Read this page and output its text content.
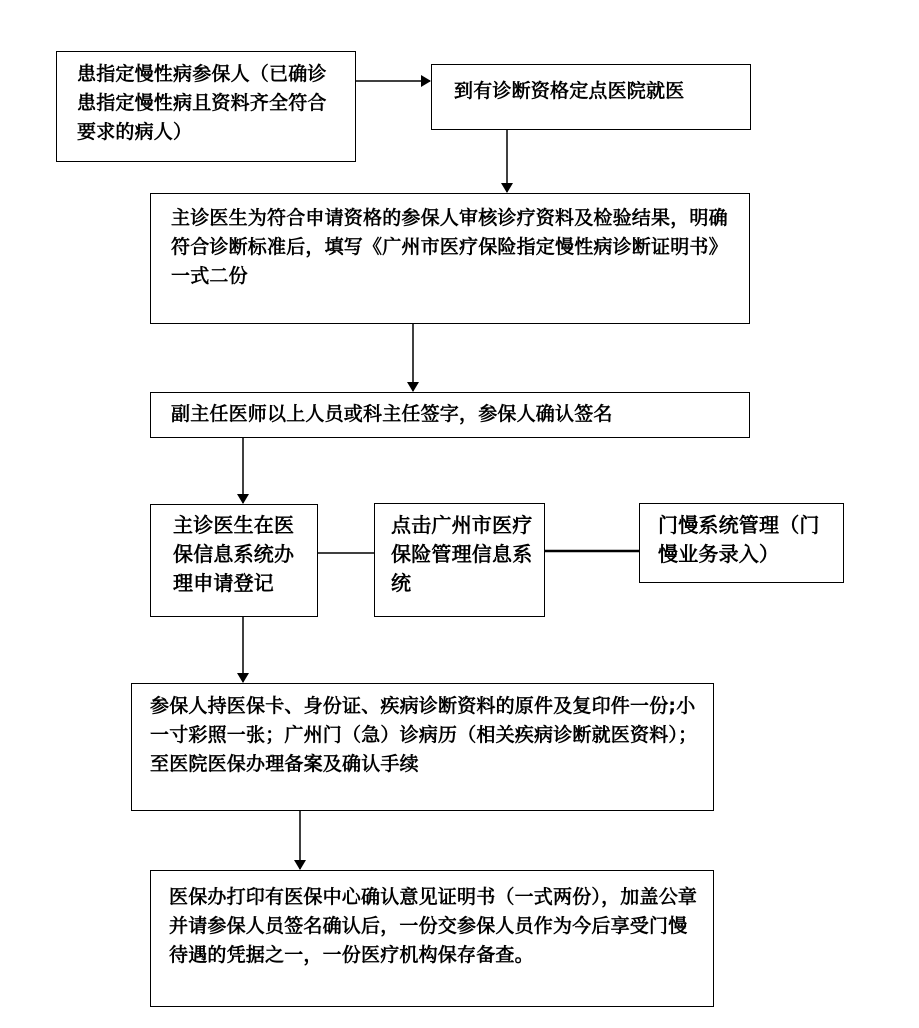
患指定慢性病参保人（已确诊患指定慢性病且资料齐全符合要求的病人）
到有诊断资格定点医院就医
主诊医生为符合申请资格的参保人审核诊疗资料及检验结果，明确符合诊断标准后，填写《广州市医疗保险指定慢性病诊断证明书》一式二份
副主任医师以上人员或科主任签字，参保人确认签名
主诊医生在医保信息系统办理申请登记
点击广州市医疗保险管理信息系统
门慢系统管理（门慢业务录入）
参保人持医保卡、身份证、疾病诊断资料的原件及复印件一份;小一寸彩照一张；广州门（急）诊病历（相关疾病诊断就医资料）；至医院医保办理备案及确认手续
医保办打印有医保中心确认意见证明书（一式两份），加盖公章并请参保人员签名确认后，一份交参保人员作为今后享受门慢待遇的凭据之一，一份医疗机构保存备查。
